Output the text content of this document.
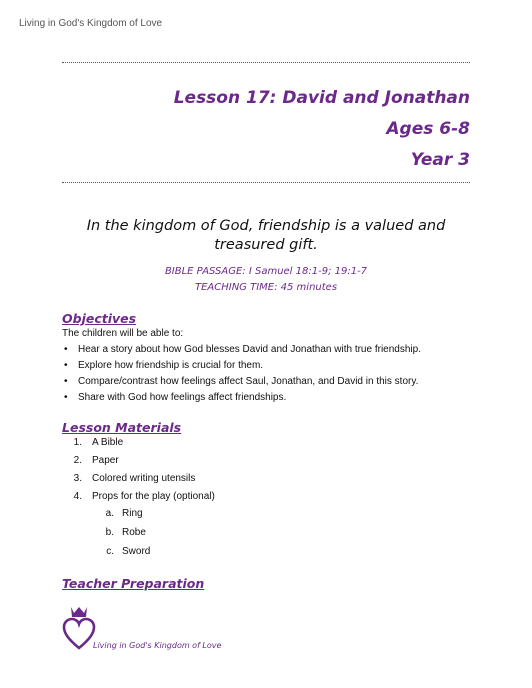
Living in God's Kingdom of Love
Lesson 17: David and Jonathan
Ages 6-8
Year 3
In the kingdom of God, friendship is a valued and treasured gift.
BIBLE PASSAGE: I Samuel 18:1-9; 19:1-7
TEACHING TIME: 45 minutes
Objectives
The children will be able to:
• Hear a story about how God blesses David and Jonathan with true friendship.
• Explore how friendship is crucial for them.
• Compare/contrast how feelings affect Saul, Jonathan, and David in this story.
• Share with God how feelings affect friendships.
Lesson Materials
1. A Bible
2. Paper
3. Colored writing utensils
4. Props for the play (optional)
a. Ring
b. Robe
c. Sword
Teacher Preparation
Living in God's Kingdom of Love
